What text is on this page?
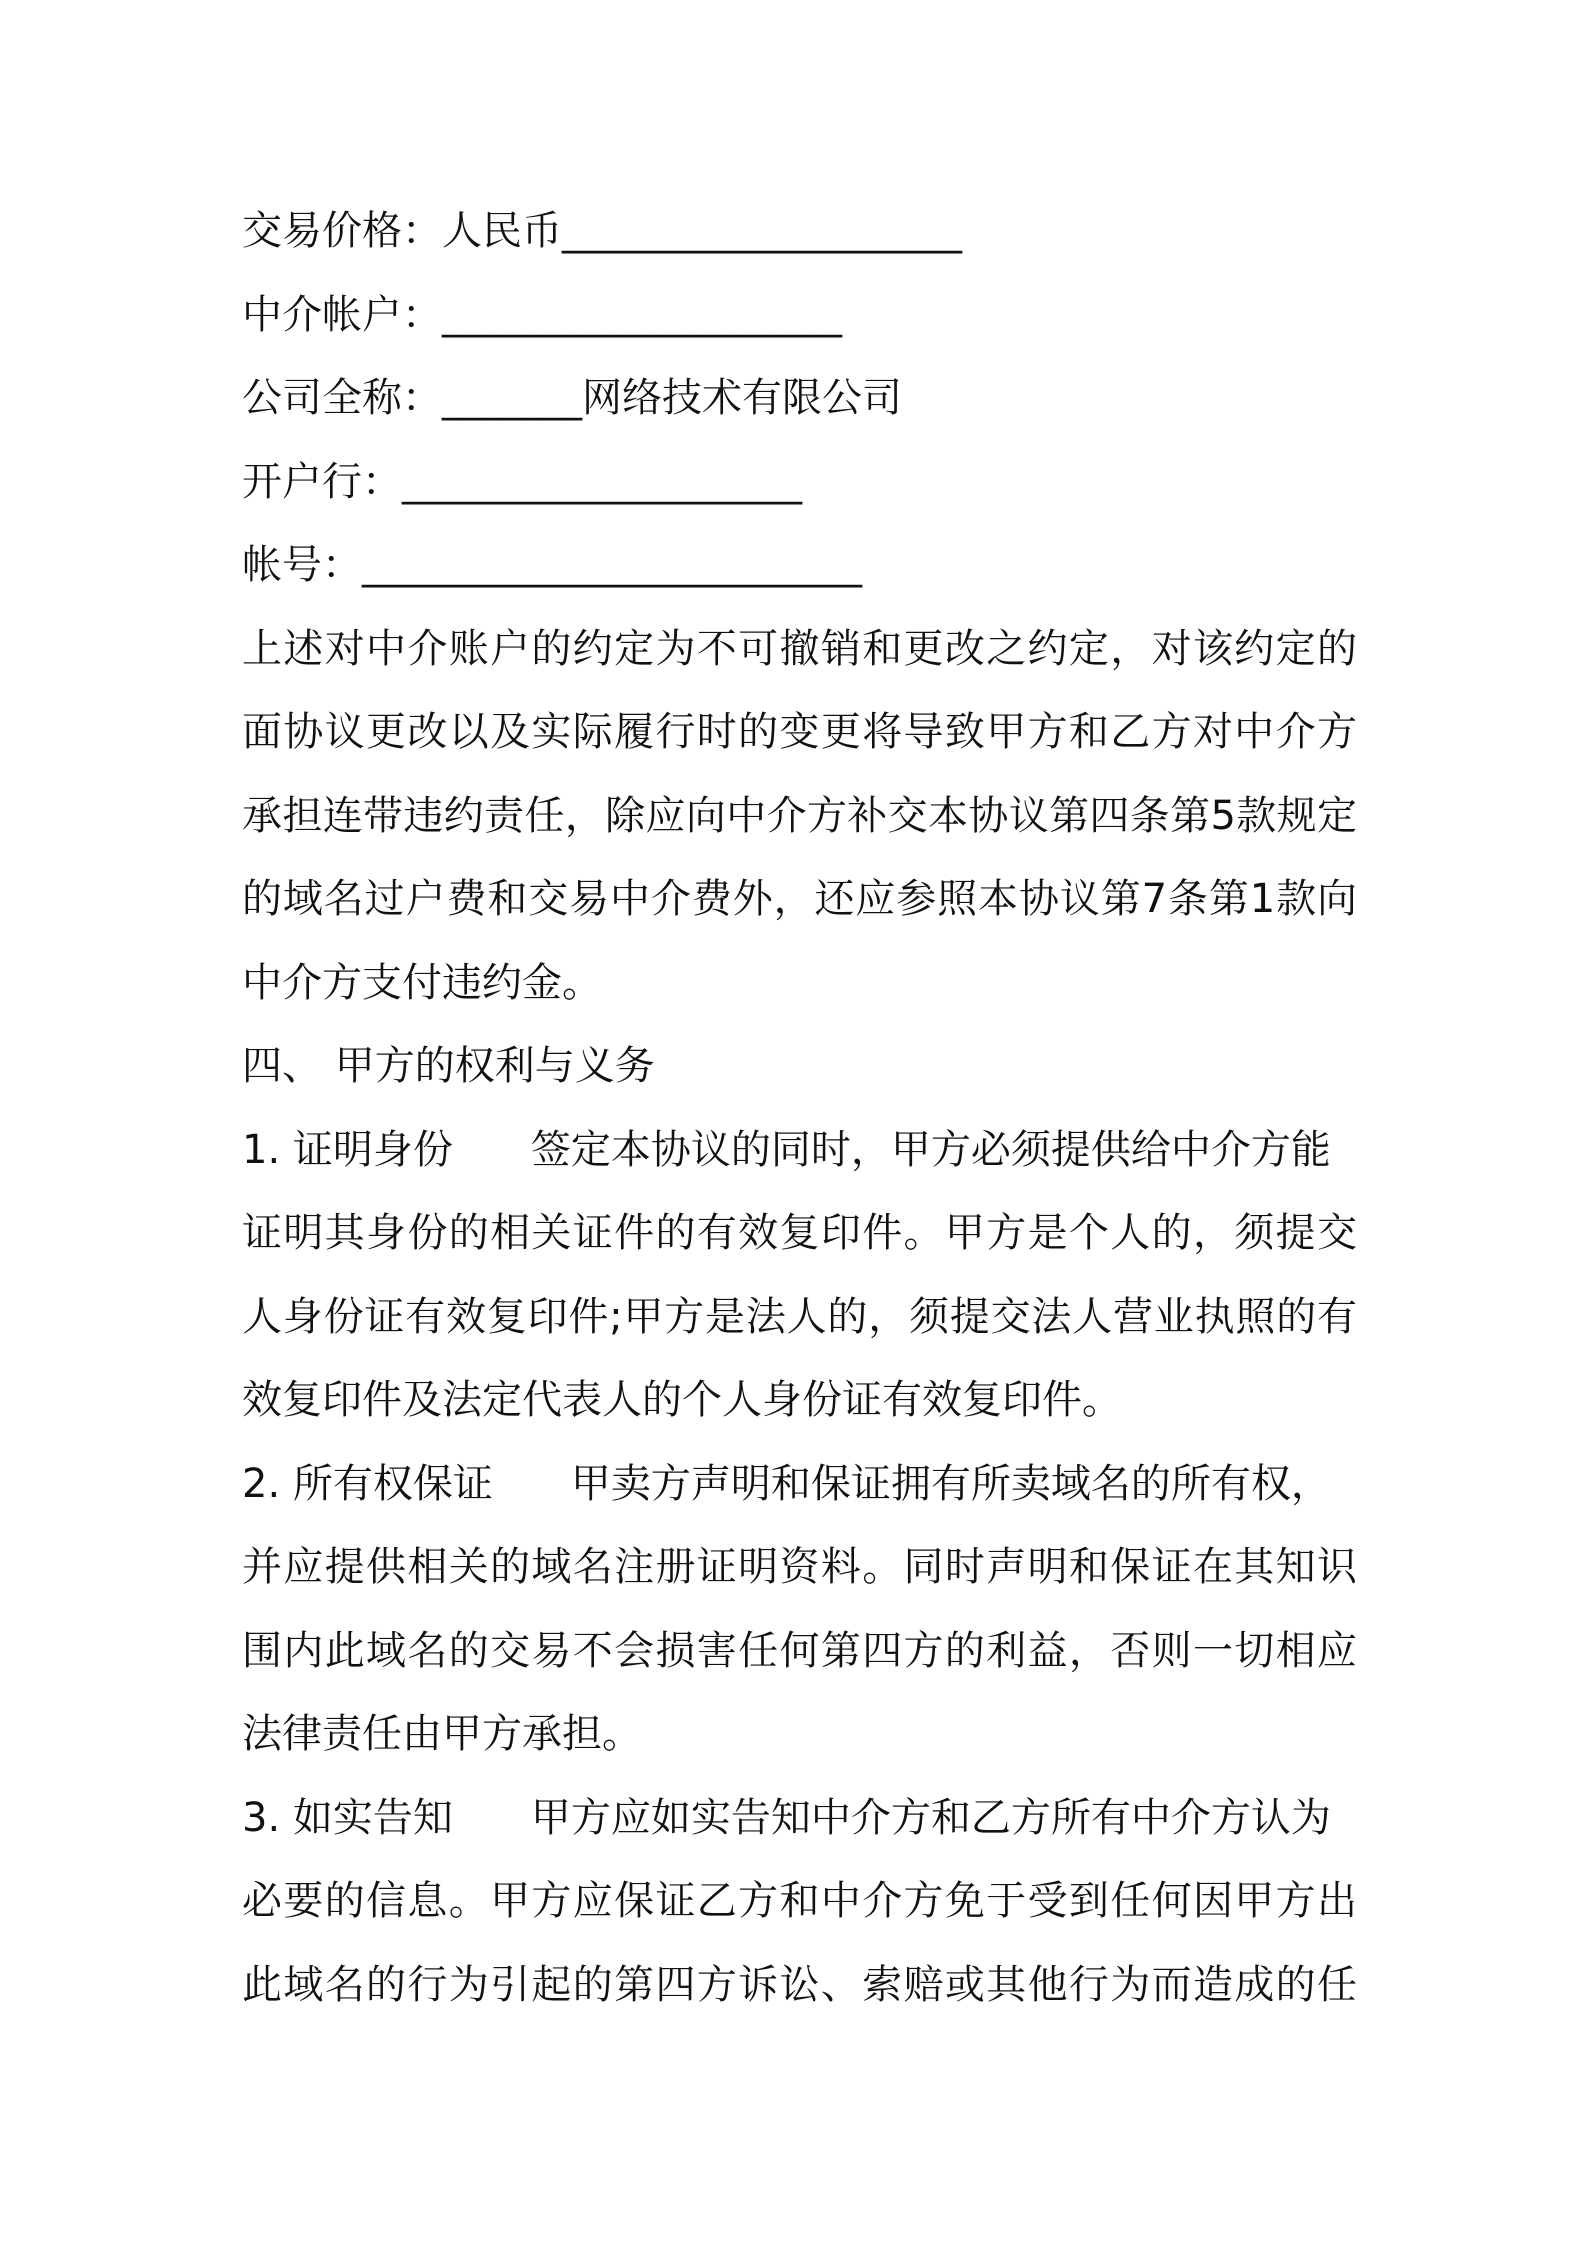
交易价格：人民币____________________
中介帐户：____________________
公司全称：_______网络技术有限公司
开户行：____________________
帐号：_________________________
上述对中介账户的约定为不可撤销和更改之约定，对该约定的
面协议更改以及实际履行时的变更将导致甲方和乙方对中介方
承担连带违约责任，除应向中介方补交本协议第四条第5款规定
的域名过户费和交易中介费外，还应参照本协议第7条第1款向
中介方支付违约金。
四、 甲方的权利与义务
1. 证明身份 签定本协议的同时，甲方必须提供给中介方能
证明其身份的相关证件的有效复印件。甲方是个人的，须提交
人身份证有效复印件;甲方是法人的，须提交法人营业执照的有
效复印件及法定代表人的个人身份证有效复印件。
2. 所有权保证 甲卖方声明和保证拥有所卖域名的所有权，
并应提供相关的域名注册证明资料。同时声明和保证在其知识
围内此域名的交易不会损害任何第四方的利益，否则一切相应
法律责任由甲方承担。
3. 如实告知 甲方应如实告知中介方和乙方所有中介方认为
必要的信息。甲方应保证乙方和中介方免于受到任何因甲方出
此域名的行为引起的第四方诉讼、索赔或其他行为而造成的任
